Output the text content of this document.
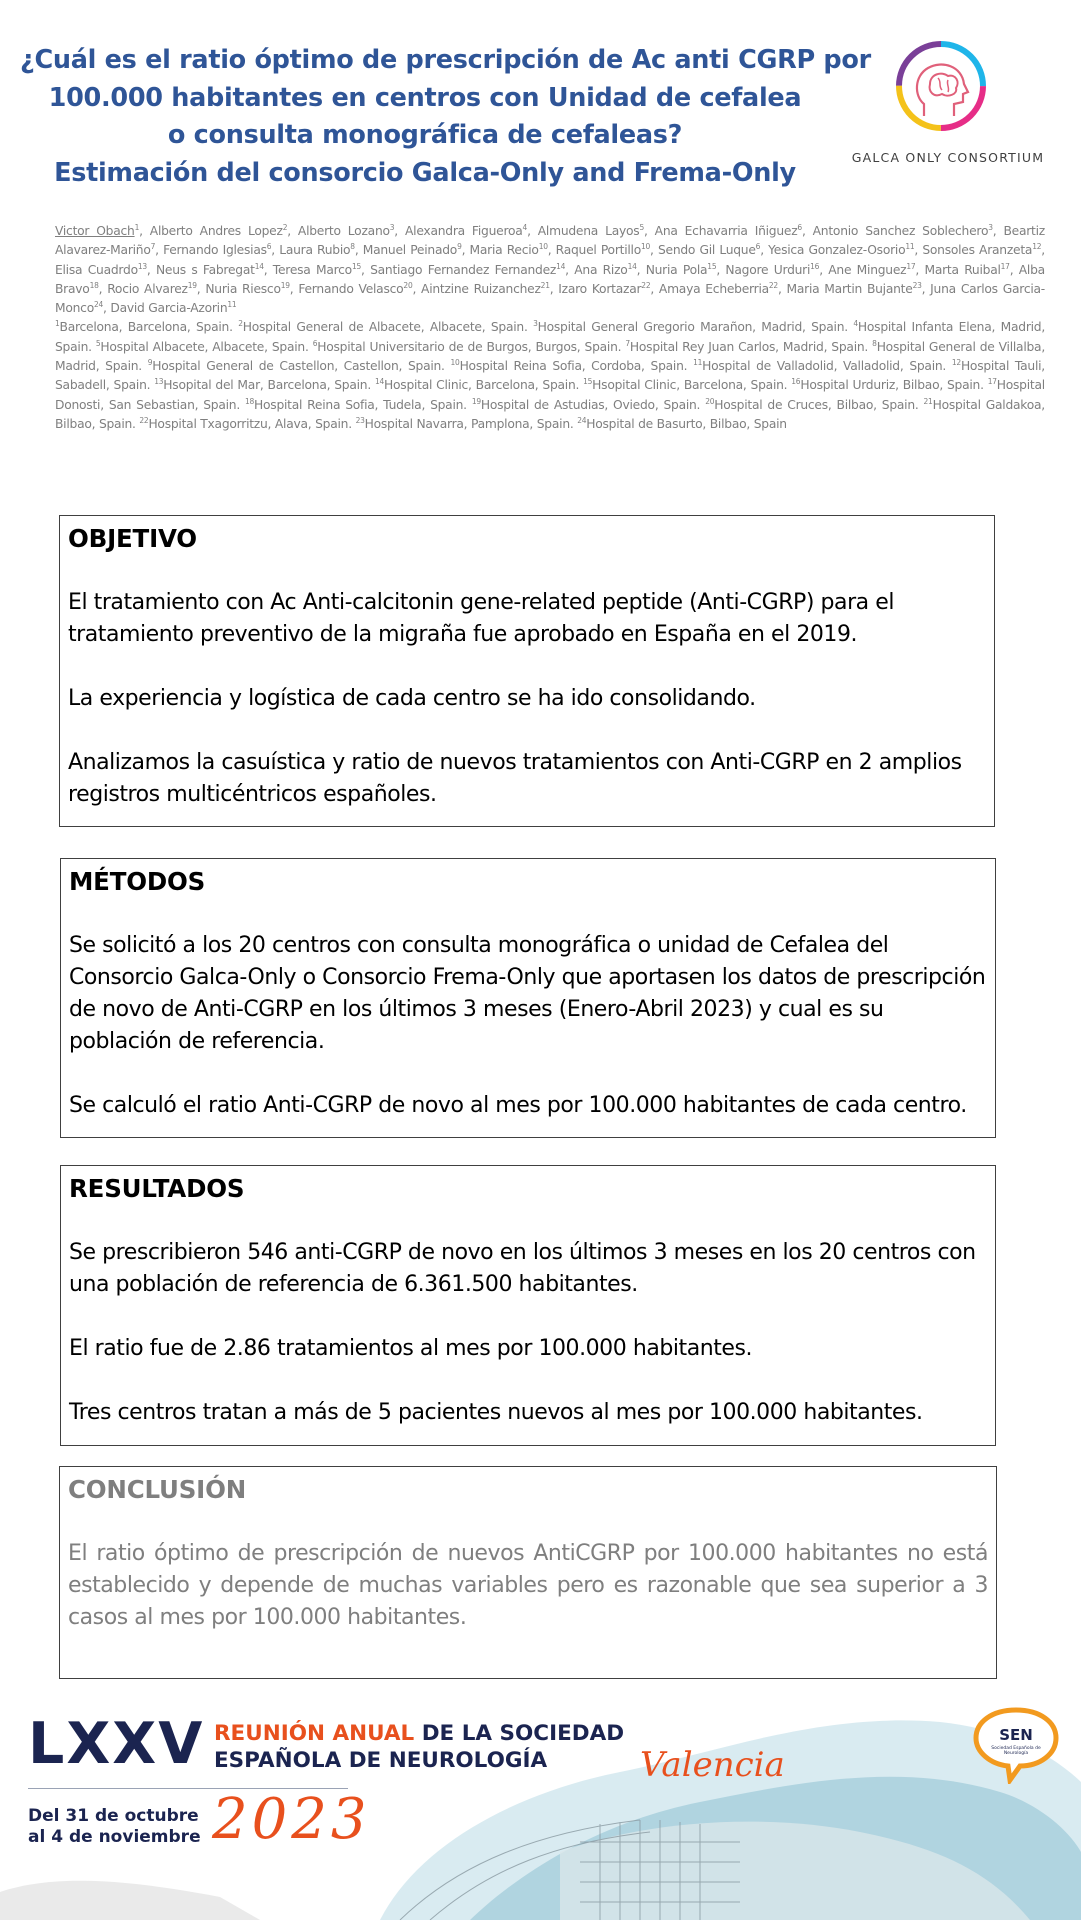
¿Cuál es el ratio óptimo de prescripción de Ac anti CGRP por
100.000 habitantes en centros con Unidad de cefalea
o consulta monográfica de cefaleas?
Estimación del consorcio Galca-Only and Frema-Only	GALCA ONLY CONSORTIUM
Victor Obach$^1$, Alberto Andres Lopez$^2$, Alberto Lozano$^3$, Alexandra Figueroa$^4$, Almudena Layos$^5$, Ana Echavarria Iñiguez$^6$, Antonio Sanchez Soblechero$^3$, Beartiz Alavarez-Mariño$^7$, Fernando Iglesias$^6$, Laura Rubio$^8$, Manuel Peinado$^9$, Maria Recio$^{10}$, Raquel Portillo$^{10}$, Sendo Gil Luque$^6$, Yesica Gonzalez-Osorio$^{11}$, Sonsoles Aranzeta$^{12}$, Elisa Cuadrdo$^{13}$, Neus s Fabregat$^{14}$, Teresa Marco$^{15}$, Santiago Fernandez Fernandez$^{14}$, Ana Rizo$^{14}$, Nuria Pola$^{15}$, Nagore Urduri$^{16}$, Ane Minguez$^{17}$, Marta Ruibal$^{17}$, Alba Bravo$^{18}$, Rocio Alvarez$^{19}$, Nuria Riesco$^{19}$, Fernando Velasco$^{20}$, Aintzine Ruizanchez$^{21}$, Izaro Kortazar$^{22}$, Amaya Echeberria$^{22}$, Maria Martin Bujante$^{23}$, Juna Carlos Garcia-Monco$^{24}$, David Garcia-Azorin$^{11}$
$^1$Barcelona, Barcelona, Spain. $^2$Hospital General de Albacete, Albacete, Spain. $^3$Hospital General Gregorio Marañon, Madrid, Spain. $^4$Hospital Infanta Elena, Madrid, Spain. $^5$Hospital Albacete, Albacete, Spain. $^6$Hospital Universitario de de Burgos, Burgos, Spain. $^7$Hospital Rey Juan Carlos, Madrid, Spain. $^8$Hospital General de Villalba, Madrid, Spain. $^9$Hospital General de Castellon, Castellon, Spain. $^{10}$Hospital Reina Sofia, Cordoba, Spain. $^{11}$Hospital de Valladolid, Valladolid, Spain. $^{12}$Hospital Tauli, Sabadell, Spain. $^{13}$Hsopital del Mar, Barcelona, Spain. $^{14}$Hospital Clinic, Barcelona, Spain. $^{15}$Hsopital Clinic, Barcelona, Spain. $^{16}$Hospital Urduriz, Bilbao, Spain. $^{17}$Hospital Donosti, San Sebastian, Spain. $^{18}$Hospital Reina Sofia, Tudela, Spain. $^{19}$Hospital de Astudias, Oviedo, Spain. $^{20}$Hospital de Cruces, Bilbao, Spain. $^{21}$Hospital Galdakoa, Bilbao, Spain. $^{22}$Hospital Txagorritzu, Alava, Spain. $^{23}$Hospital Navarra, Pamplona, Spain. $^{24}$Hospital de Basurto, Bilbao, Spain
OBJETIVO

El tratamiento con Ac Anti-calcitonin gene-related peptide (Anti-CGRP) para el tratamiento preventivo de la migraña fue aprobado en España en el 2019.

La experiencia y logística de cada centro se ha ido consolidando.

Analizamos la casuística y ratio de nuevos tratamientos con Anti-CGRP en 2 amplios registros multicéntricos españoles.

MÉTODOS

Se solicitó a los 20 centros con consulta monográfica o unidad de Cefalea del Consorcio Galca-Only o Consorcio Frema-Only que aportasen los datos de prescripción de novo de Anti-CGRP en los últimos 3 meses (Enero-Abril 2023) y cual es su población de referencia.

Se calculó el ratio Anti-CGRP de novo al mes por 100.000 habitantes de cada centro.

RESULTADOS

Se prescribieron 546 anti-CGRP de novo en los últimos 3 meses en los 20 centros con una población de referencia de 6.361.500 habitantes.

El ratio fue de 2.86 tratamientos al mes por 100.000 habitantes.

Tres centros tratan a más de 5 pacientes nuevos al mes por 100.000 habitantes.

CONCLUSIÓN

El ratio óptimo de prescripción de nuevos AntiCGRP por 100.000 habitantes no está establecido y depende de muchas variables pero es razonable que sea superior a 3 casos al mes por 100.000 habitantes.

LXXV REUNIÓN ANUAL DE LA SOCIEDAD
ESPAÑOLA DE NEUROLOGÍA
Del 31 de octubre
al 4 de noviembre 2023
Valencia
SEN
Sociedad Española de Neurología
